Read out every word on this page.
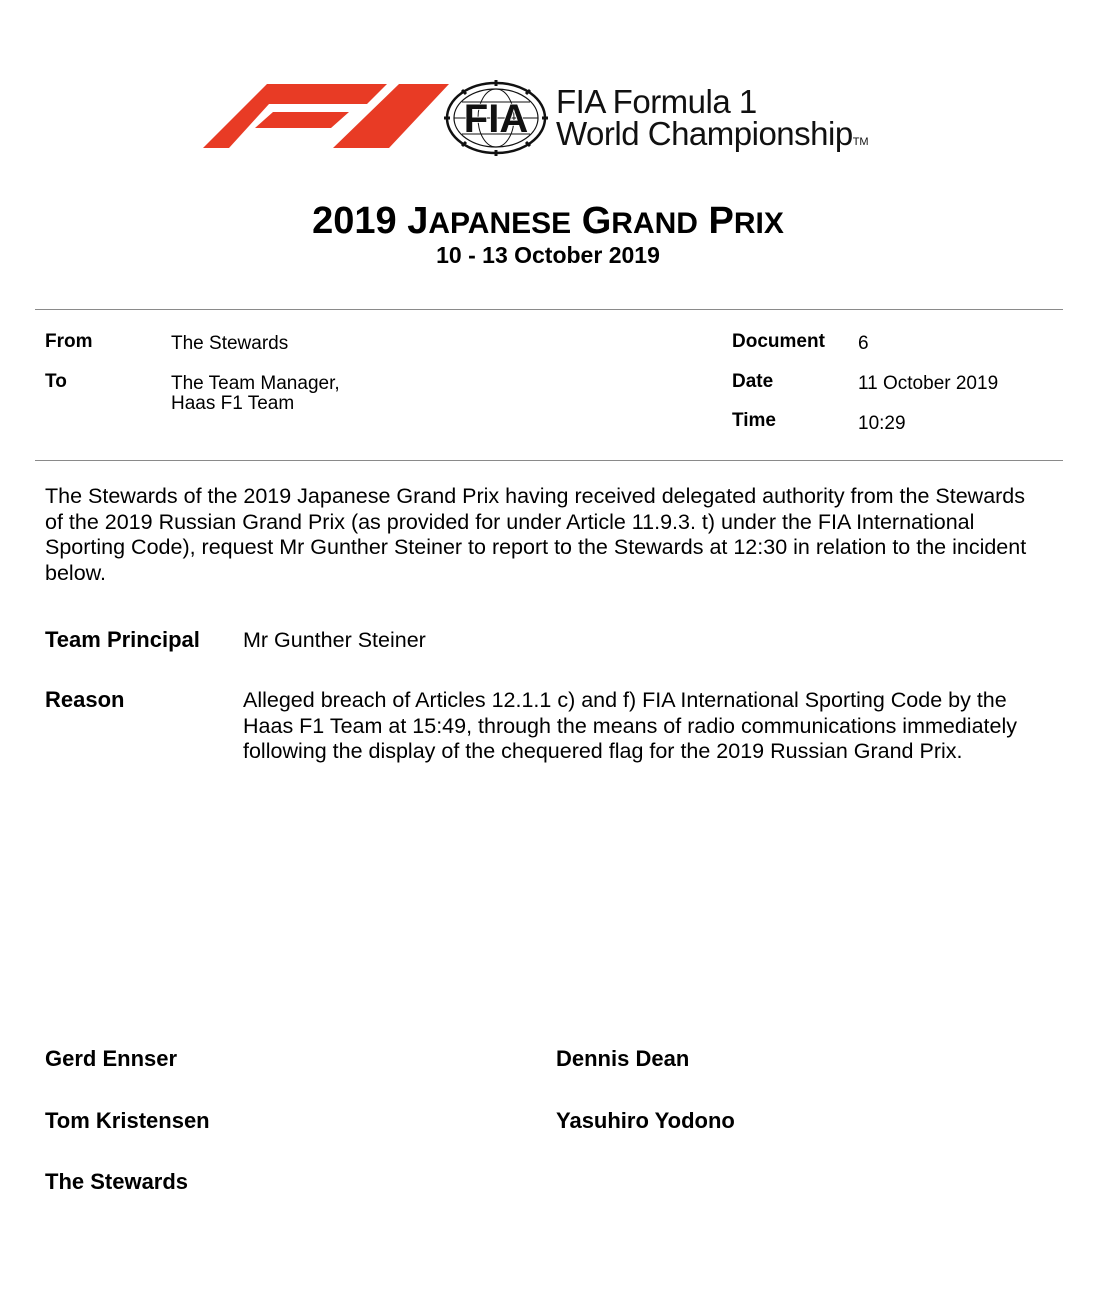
FIA FIA Formula 1
World ChampionshipTM
2019 JAPANESE GRAND PRIX
10 - 13 October 2019
From	The Stewards
To	The Team Manager,
Haas F1 Team
Document 6
Date	11 October 2019
Time	10:29
The Stewards of the 2019 Japanese Grand Prix having received delegated authority from the Stewards of the 2019 Russian Grand Prix (as provided for under Article 11.9.3. t) under the FIA International Sporting Code), request Mr Gunther Steiner to report to the Stewards at 12:30 in relation to the incident below.
Team Principal Mr Gunther Steiner
Reason	Alleged breach of Articles 12.1.1 c) and f) FIA International Sporting Code by the Haas F1 Team at 15:49, through the means of radio communications immediately following the display of the chequered flag for the 2019 Russian Grand Prix.
Gerd Ennser	Dennis Dean
Tom Kristensen	Yasuhiro Yodono
The Stewards
